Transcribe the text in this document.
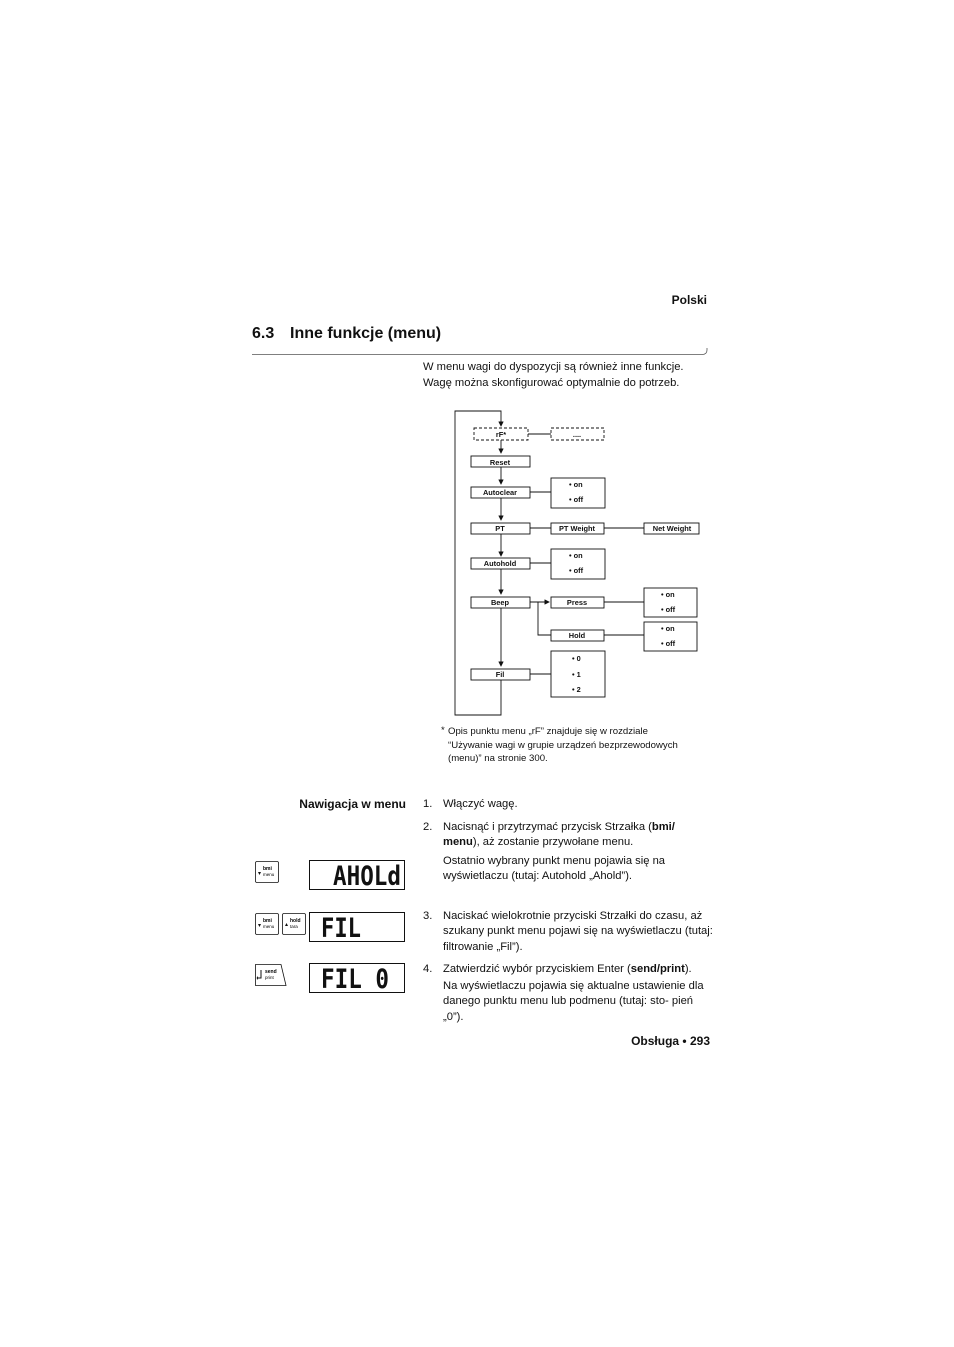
Polski
6.3 Inne funkcje (menu)
W menu wagi do dyspozycji są również inne funkcje. Wagę można skonfigurować optymalnie do potrzeb.
rF*	....
Reset
Autoclear
• on
• off
PT	PT Weight	Net Weight
Autohold
• on
• off
Beep	Press
• on
• off
Hold
• on
• off
Fil
• 0
• 1
• 2
* Opis punktu menu „rF” znajduje się w rozdziale “Używanie wagi w grupie urządzeń bezprzewodowych (menu)” na stronie 300.
Nawigacja w menu 1. Włączyć wagę.
2. Nacisnąć i przytrzymać przycisk Strzałka (bmi/ menu), aż zostanie przywołane menu.
Ostatnio wybrany punkt menu pojawia się na wyświetlaczu (tutaj: Autohold „Ahold”).
3. Naciskać wielokrotnie przyciski Strzałki do czasu, aż szukany punkt menu pojawi się na wyświetlaczu (tutaj: filtrowanie „Fil”).
4. Zatwierdzić wybór przyciskiem Enter (send/print).
Na wyświetlaczu pojawia się aktualne ustawienie dla danego punktu menu lub podmenu (tutaj: sto- pień „0”).
bmi
menu
bmi
menu
hold
tara
send
print
AHOLd
FIL
FIL 0
Obsługa • 293
